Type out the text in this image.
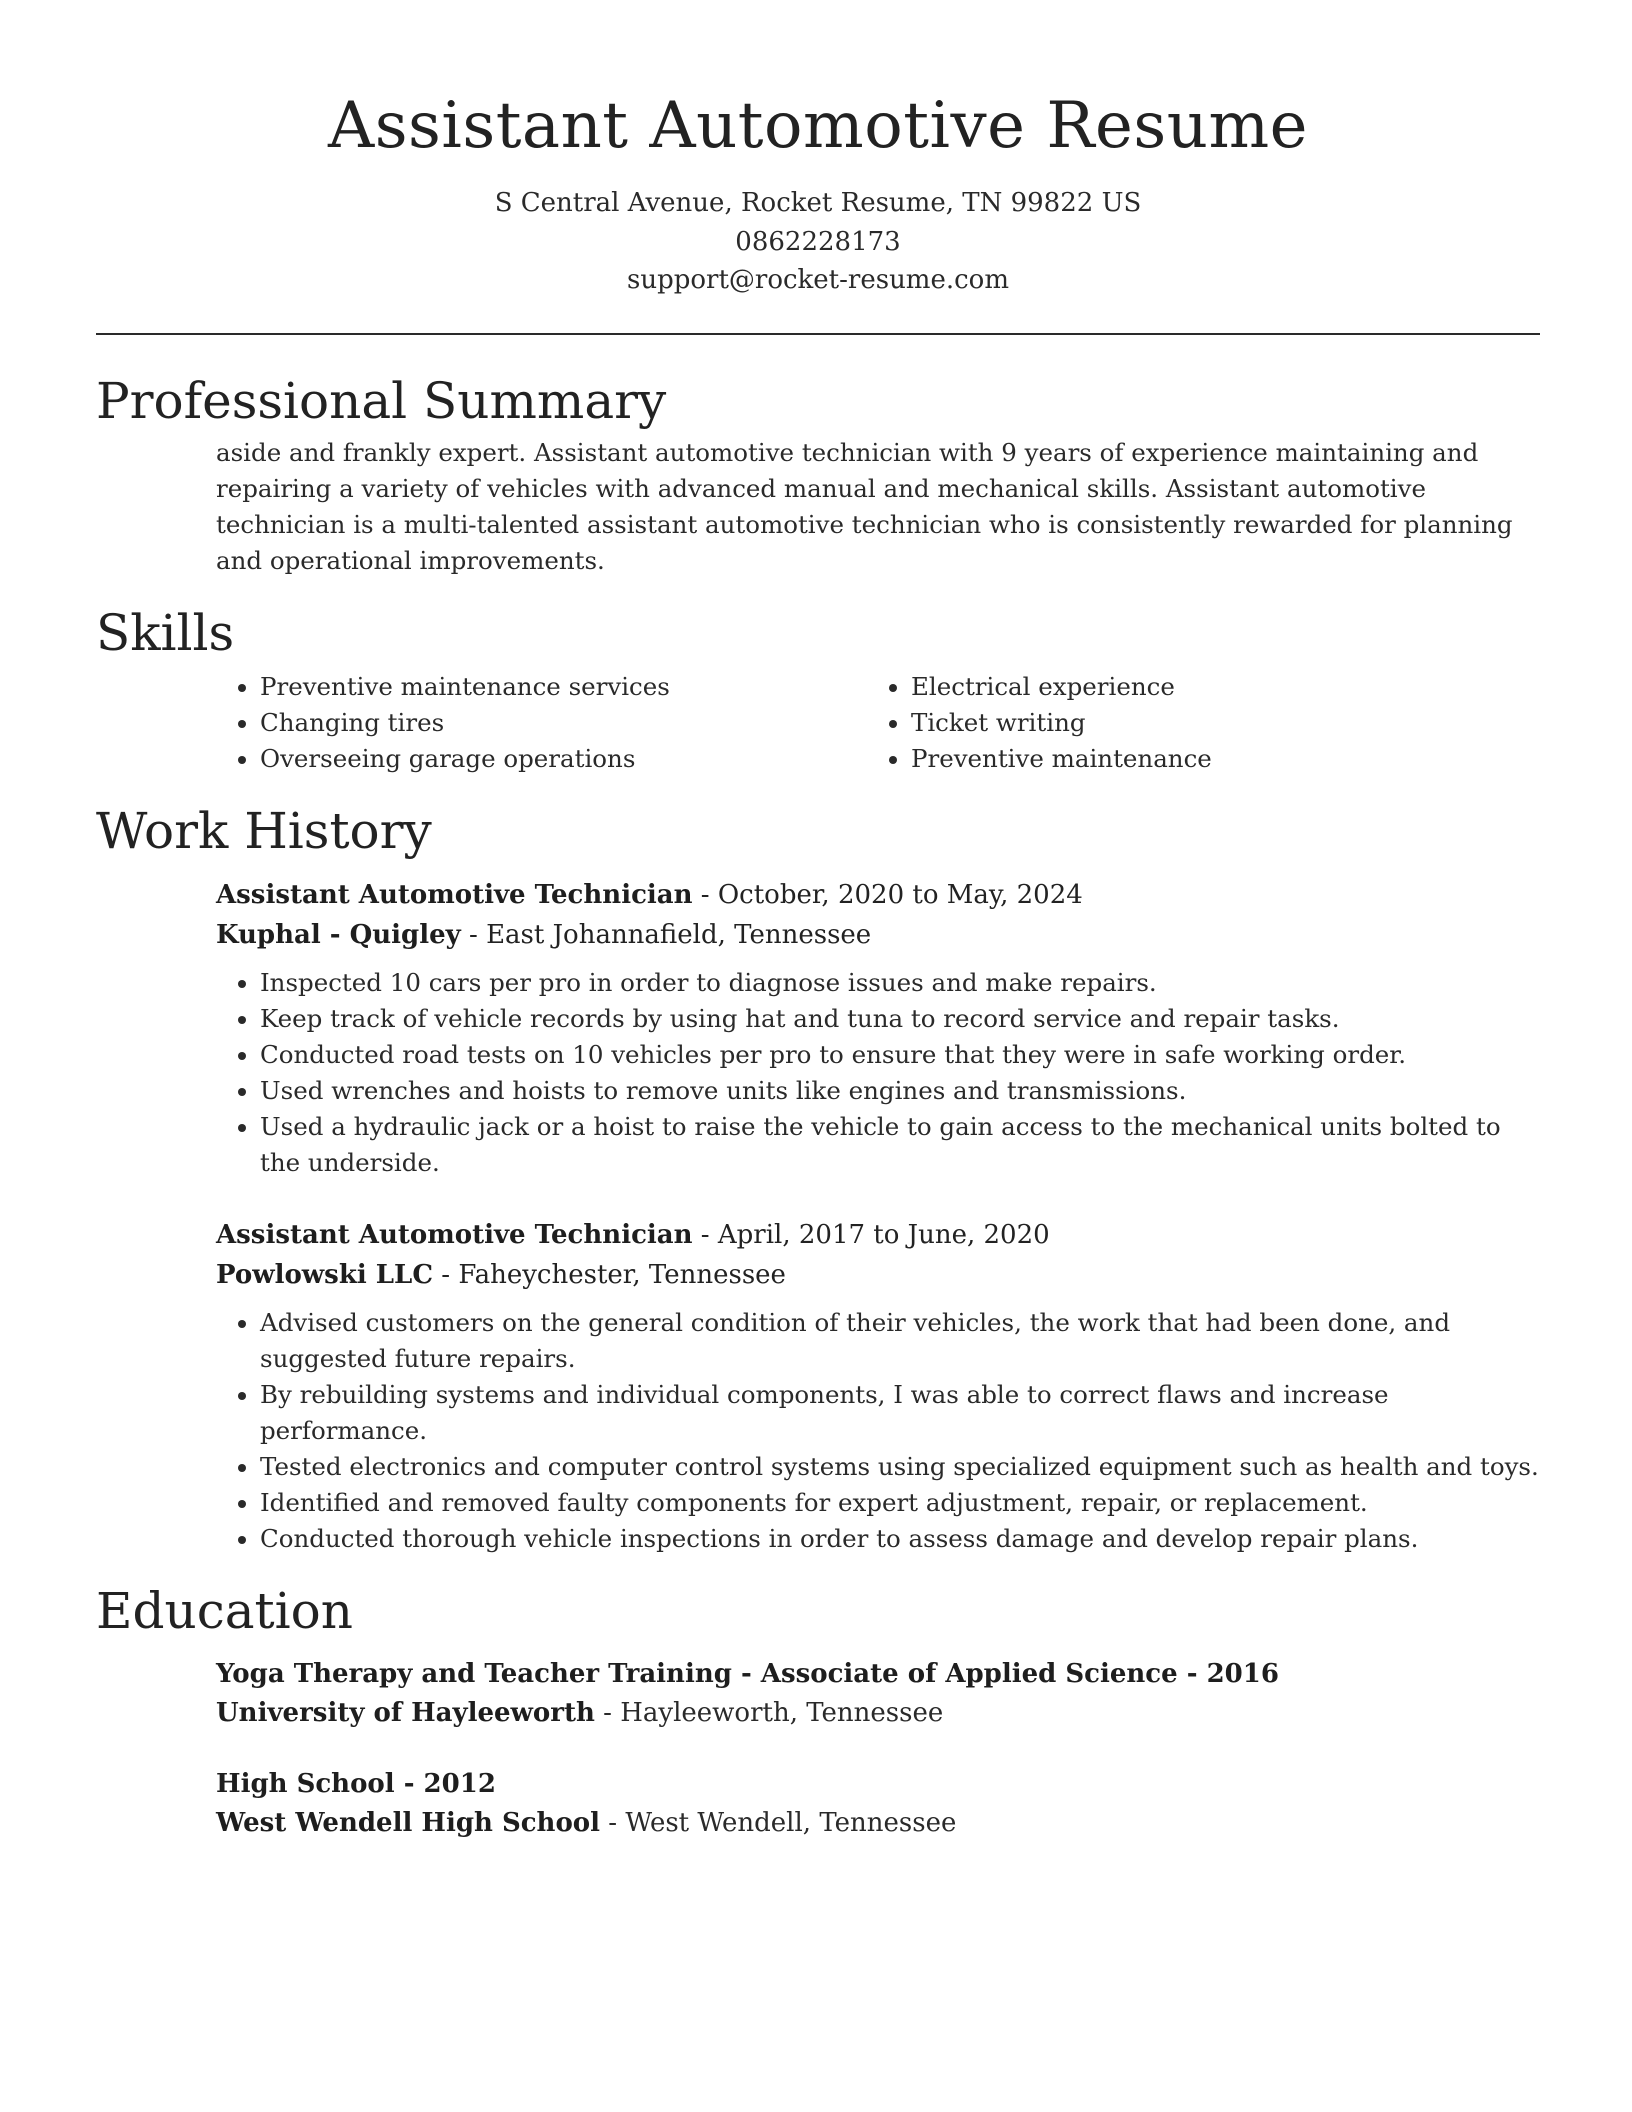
Assistant Automotive Resume
S Central Avenue, Rocket Resume, TN 99822 US
0862228173
support@rocket-resume.com
Professional Summary
aside and frankly expert. Assistant automotive technician with 9 years of experience maintaining and repairing a variety of vehicles with advanced manual and mechanical skills. Assistant automotive technician is a multi-talented assistant automotive technician who is consistently rewarded for planning and operational improvements.
Skills
• Preventive maintenance services
• Changing tires
• Overseeing garage operations
• Electrical experience
• Ticket writing
• Preventive maintenance
Work History
Assistant Automotive Technician - October, 2020 to May, 2024
Kuphal - Quigley - East Johannafield, Tennessee
• Inspected 10 cars per pro in order to diagnose issues and make repairs.
• Keep track of vehicle records by using hat and tuna to record service and repair tasks.
• Conducted road tests on 10 vehicles per pro to ensure that they were in safe working order.
• Used wrenches and hoists to remove units like engines and transmissions.
• Used a hydraulic jack or a hoist to raise the vehicle to gain access to the mechanical units bolted to the underside.
Assistant Automotive Technician - April, 2017 to June, 2020
Powlowski LLC - Faheychester, Tennessee
• Advised customers on the general condition of their vehicles, the work that had been done, and suggested future repairs.
• By rebuilding systems and individual components, I was able to correct flaws and increase performance.
• Tested electronics and computer control systems using specialized equipment such as health and toys.
• Identified and removed faulty components for expert adjustment, repair, or replacement.
• Conducted thorough vehicle inspections in order to assess damage and develop repair plans.
Education
Yoga Therapy and Teacher Training - Associate of Applied Science - 2016
University of Hayleeworth - Hayleeworth, Tennessee
High School - 2012
West Wendell High School - West Wendell, Tennessee
